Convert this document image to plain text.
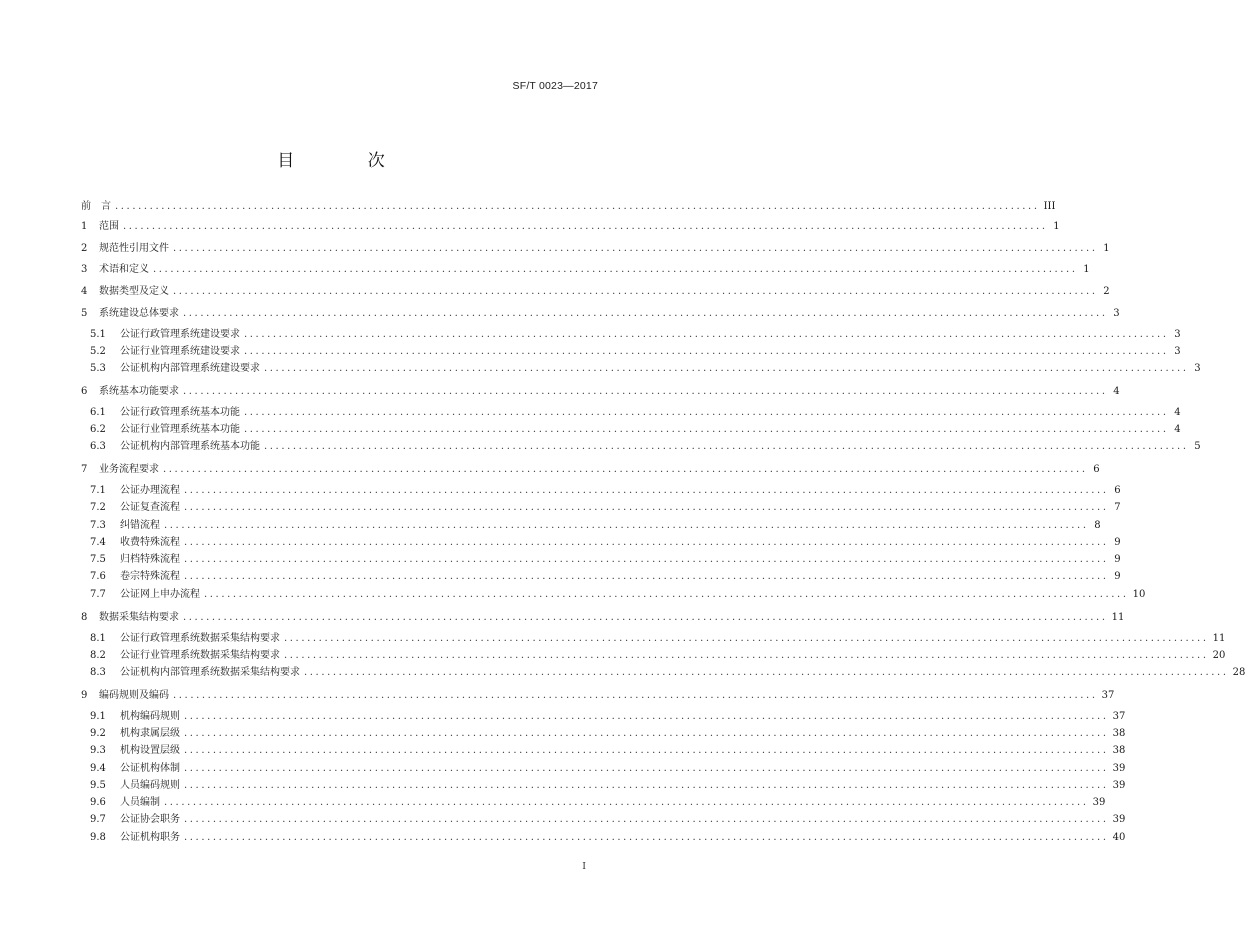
SF/T 0023—2017
目 次
前　言 ................................................................................................................................................................ III
1	范围 ................................................................................................................................................................ 1
2	规范性引用文件 ................................................................................................................................................................ 1
3	术语和定义 ................................................................................................................................................................ 1
4	数据类型及定义 ................................................................................................................................................................ 2
5	系统建设总体要求 ................................................................................................................................................................ 3
5.1	公证行政管理系统建设要求 ................................................................................................................................................................ 3
5.2	公证行业管理系统建设要求 ................................................................................................................................................................ 3
5.3	公证机构内部管理系统建设要求 ................................................................................................................................................................ 3
6	系统基本功能要求 ................................................................................................................................................................ 4
6.1	公证行政管理系统基本功能 ................................................................................................................................................................ 4
6.2	公证行业管理系统基本功能 ................................................................................................................................................................ 4
6.3	公证机构内部管理系统基本功能 ................................................................................................................................................................ 5
7	业务流程要求 ................................................................................................................................................................ 6
7.1	公证办理流程 ................................................................................................................................................................ 6
7.2	公证复查流程 ................................................................................................................................................................ 7
7.3	纠错流程 ................................................................................................................................................................ 8
7.4	收费特殊流程 ................................................................................................................................................................ 9
7.5	归档特殊流程 ................................................................................................................................................................ 9
7.6	卷宗特殊流程 ................................................................................................................................................................ 9
7.7	公证网上申办流程 ................................................................................................................................................................ 10
8	数据采集结构要求 ................................................................................................................................................................ 11
8.1	公证行政管理系统数据采集结构要求 ................................................................................................................................................................ 11
8.2	公证行业管理系统数据采集结构要求 ................................................................................................................................................................ 20
8.3	公证机构内部管理系统数据采集结构要求 ................................................................................................................................................................ 28
9	编码规则及编码 ................................................................................................................................................................ 37
9.1	机构编码规则 ................................................................................................................................................................ 37
9.2	机构隶属层级 ................................................................................................................................................................ 38
9.3	机构设置层级 ................................................................................................................................................................ 38
9.4	公证机构体制 ................................................................................................................................................................ 39
9.5	人员编码规则 ................................................................................................................................................................ 39
9.6	人员编制 ................................................................................................................................................................ 39
9.7	公证协会职务 ................................................................................................................................................................ 39
9.8	公证机构职务 ................................................................................................................................................................ 40
I
